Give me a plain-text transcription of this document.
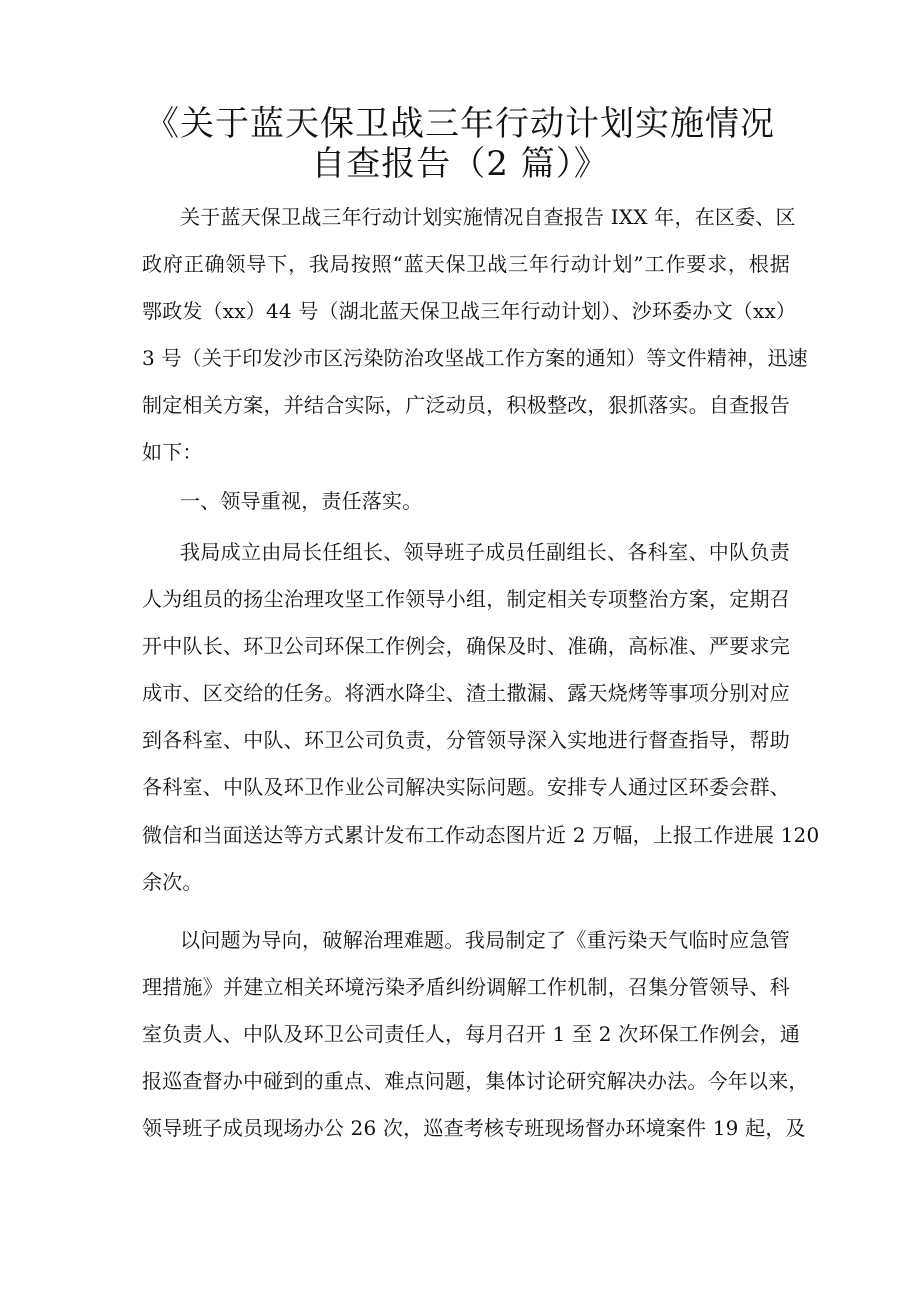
《关于蓝天保卫战三年行动计划实施情况
自查报告（2 篇）》
关于蓝天保卫战三年行动计划实施情况自查报告 IXX 年，在区委、区
政府正确领导下，我局按照“蓝天保卫战三年行动计划”工作要求，根据
鄂政发（xx）44 号（湖北蓝天保卫战三年行动计划）、沙环委办文（xx）
3 号（关于印发沙市区污染防治攻坚战工作方案的通知）等文件精神，迅速
制定相关方案，并结合实际，广泛动员，积极整改，狠抓落实。自查报告
如下：
一、领导重视，责任落实。
我局成立由局长任组长、领导班子成员任副组长、各科室、中队负责
人为组员的扬尘治理攻坚工作领导小组，制定相关专项整治方案，定期召
开中队长、环卫公司环保工作例会，确保及时、准确，高标准、严要求完
成市、区交给的任务。将洒水降尘、渣土撒漏、露天烧烤等事项分别对应
到各科室、中队、环卫公司负责，分管领导深入实地进行督查指导，帮助
各科室、中队及环卫作业公司解决实际问题。安排专人通过区环委会群、
微信和当面送达等方式累计发布工作动态图片近 2 万幅，上报工作进展 120
余次。
以问题为导向，破解治理难题。我局制定了《重污染天气临时应急管
理措施》并建立相关环境污染矛盾纠纷调解工作机制，召集分管领导、科
室负责人、中队及环卫公司责任人，每月召开 1 至 2 次环保工作例会，通
报巡查督办中碰到的重点、难点问题，集体讨论研究解决办法。今年以来，
领导班子成员现场办公 26 次，巡查考核专班现场督办环境案件 19 起，及
